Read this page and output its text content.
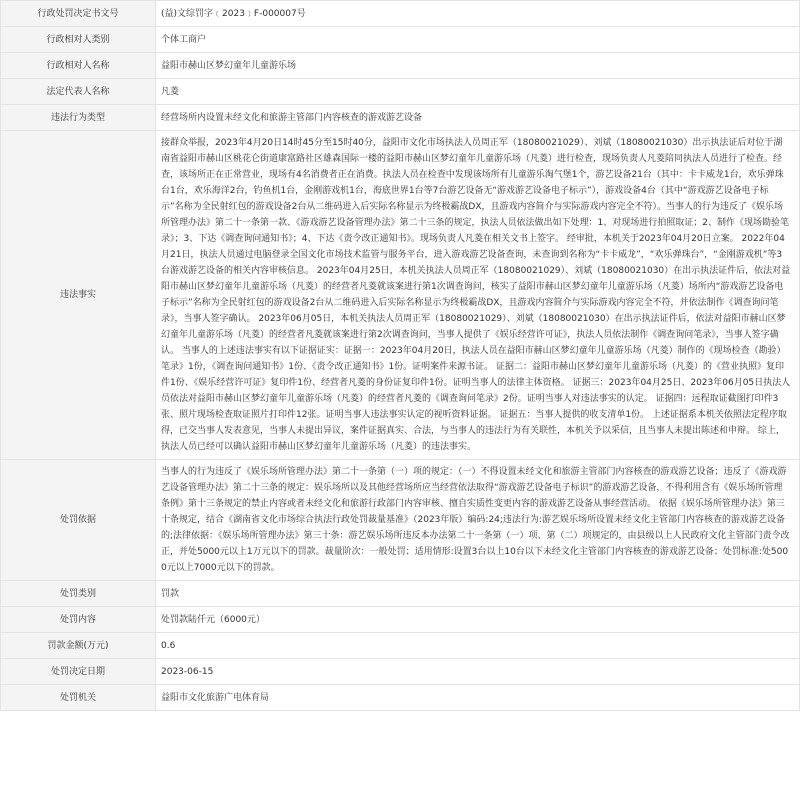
行政处罚决定书文号	(益)文综罚字﹝2023﹞F-000007号
行政相对人类别	个体工商户
行政相对人名称	益阳市赫山区梦幻童年儿童游乐场
法定代表人名称	凡菱
违法行为类型	经营场所内设置未经文化和旅游主管部门内容核查的游戏游艺设备
违法事实	接群众举报，2023年4月20日14时45分至15时40分，益阳市文化市场执法人员周正军（18080021029）、刘斌（18080021030）出示执法证后对位于湖南省益阳市赫山区桃花仑街道康富路社区雄森国际一楼的益阳市赫山区梦幻童年儿童游乐场（凡菱）进行检查，现场负责人凡菱陪同执法人员进行了检查。经查，该场所正在正常营业，现场有4名消费者正在消费。执法人员在检查中发现该场所有儿童游乐淘气堡1个，游艺设备21台（其中：卡卡威龙1台，欢乐弹珠台1台，欢乐海洋2台，钓鱼机1台，金刚游戏机1台，海底世界1台等7台游艺设备无“游戏游艺设备电子标示”），游戏设备4台（其中“游戏游艺设备电子标示”名称为全民射红包的游戏设备2台从二维码进入后实际名称显示为终极霸战DX，且游戏内容简介与实际游戏内容完全不符）。当事人的行为违反了《娱乐场所管理办法》第二十一条第一款、《游戏游艺设备管理办法》第二十三条的规定，执法人员依法做出如下处理：1、对现场进行拍照取证；2、制作《现场勘验笔录》；3、下达《调查询问通知书》；4、下达《责令改正通知书》。现场负责人凡菱在相关文书上签字。 经审批，本机关于2023年04月20日立案。 2022年04月21日，执法人员通过电脑登录全国文化市场技术监管与服务平台，进入游戏游艺设备查询，未查询到名称为“卡卡威龙”，“欢乐弹珠台”，“金刚游戏机”等3台游戏游艺设备的相关内容审核信息。 2023年04月25日，本机关执法人员周正军（18080021029）、刘斌（18080021030）在出示执法证件后，依法对益阳市赫山区梦幻童年儿童游乐场（凡菱）的经营者凡菱就该案进行第1次调查询问，核实了益阳市赫山区梦幻童年儿童游乐场（凡菱）场所内“游戏游艺设备电子标示”名称为全民射红包的游戏设备2台从二维码进入后实际名称显示为终极霸战DX，且游戏内容简介与实际游戏内容完全不符，并依法制作《调查询问笔录》，当事人签字确认。 2023年06月05日，本机关执法人员周正军（18080021029）、刘斌（18080021030）在出示执法证件后，依法对益阳市赫山区梦幻童年儿童游乐场（凡菱）的经营者凡菱就该案进行第2次调查询问，当事人提供了《娱乐经营许可证》，执法人员依法制作《调查询问笔录》，当事人签字确认。 当事人的上述违法事实有以下证据证实：证据一：2023年04月20日，执法人员在益阳市赫山区梦幻童年儿童游乐场（凡菱）制作的《现场检查（勘验）笔录》1份，《调查询问通知书》1份、《责令改正通知书》1份。证明案件来源书证。 证据二：益阳市赫山区梦幻童年儿童游乐场（凡菱）的《营业执照》复印件1份、《娱乐经营许可证》复印件1份、经营者凡菱的身份证复印件1份。证明当事人的法律主体资格。 证据三：2023年04月25日、2023年06月05日执法人员依法对益阳市赫山区梦幻童年儿童游乐场（凡菱）的经营者凡菱的《调查询问笔录》2份。证明当事人对违法事实的认定。 证据四：远程取证截图打印件3张、照片现场检查取证照片打印件12张。证明当事人违法事实认定的视听资料证据。 证据五：当事人提供的收支清单1份。 上述证据系本机关依照法定程序取得，已交当事人发表意见，当事人未提出异议，案件证据真实、合法，与当事人的违法行为有关联性，本机关予以采信，且当事人未提出陈述和申辩。 综上，执法人员已经可以确认益阳市赫山区梦幻童年儿童游乐场（凡菱）的违法事实。
处罚依据	当事人的行为违反了《娱乐场所管理办法》第二十一条第（一）项的规定：（一）不得设置未经文化和旅游主管部门内容核查的游戏游艺设备；违反了《游戏游艺设备管理办法》第二十三条的规定：娱乐场所以及其他经营场所应当经营依法取得“游戏游艺设备电子标识”的游戏游艺设备，不得利用含有《娱乐场所管理条例》第十三条规定的禁止内容或者未经文化和旅游行政部门内容审核、擅自实质性变更内容的游戏游艺设备从事经营活动。 依据《娱乐场所管理办法》第三十条规定，结合《湖南省文化市场综合执法行政处罚裁量基准》（2023年版）编码:24;违法行为:游艺娱乐场所设置未经文化主管部门内容核查的游戏游艺设备的;法律依据：《娱乐场所管理办法》第三十条：游艺娱乐场所违反本办法第二十一条第（一）项、第（二）项规定的，由县级以上人民政府文化主管部门责令改正，并处5000元以上1万元以下的罚款。裁量阶次：一般处罚；适用情形:设置3台以上10台以下未经文化主管部门内容核查的游戏游艺设备；处罚标准:处5000元以上7000元以下的罚款。
处罚类别	罚款
处罚内容	处罚款陆仟元（6000元）
罚款金额(万元)	0.6
处罚决定日期	2023-06-15
处罚机关	益阳市文化旅游广电体育局
